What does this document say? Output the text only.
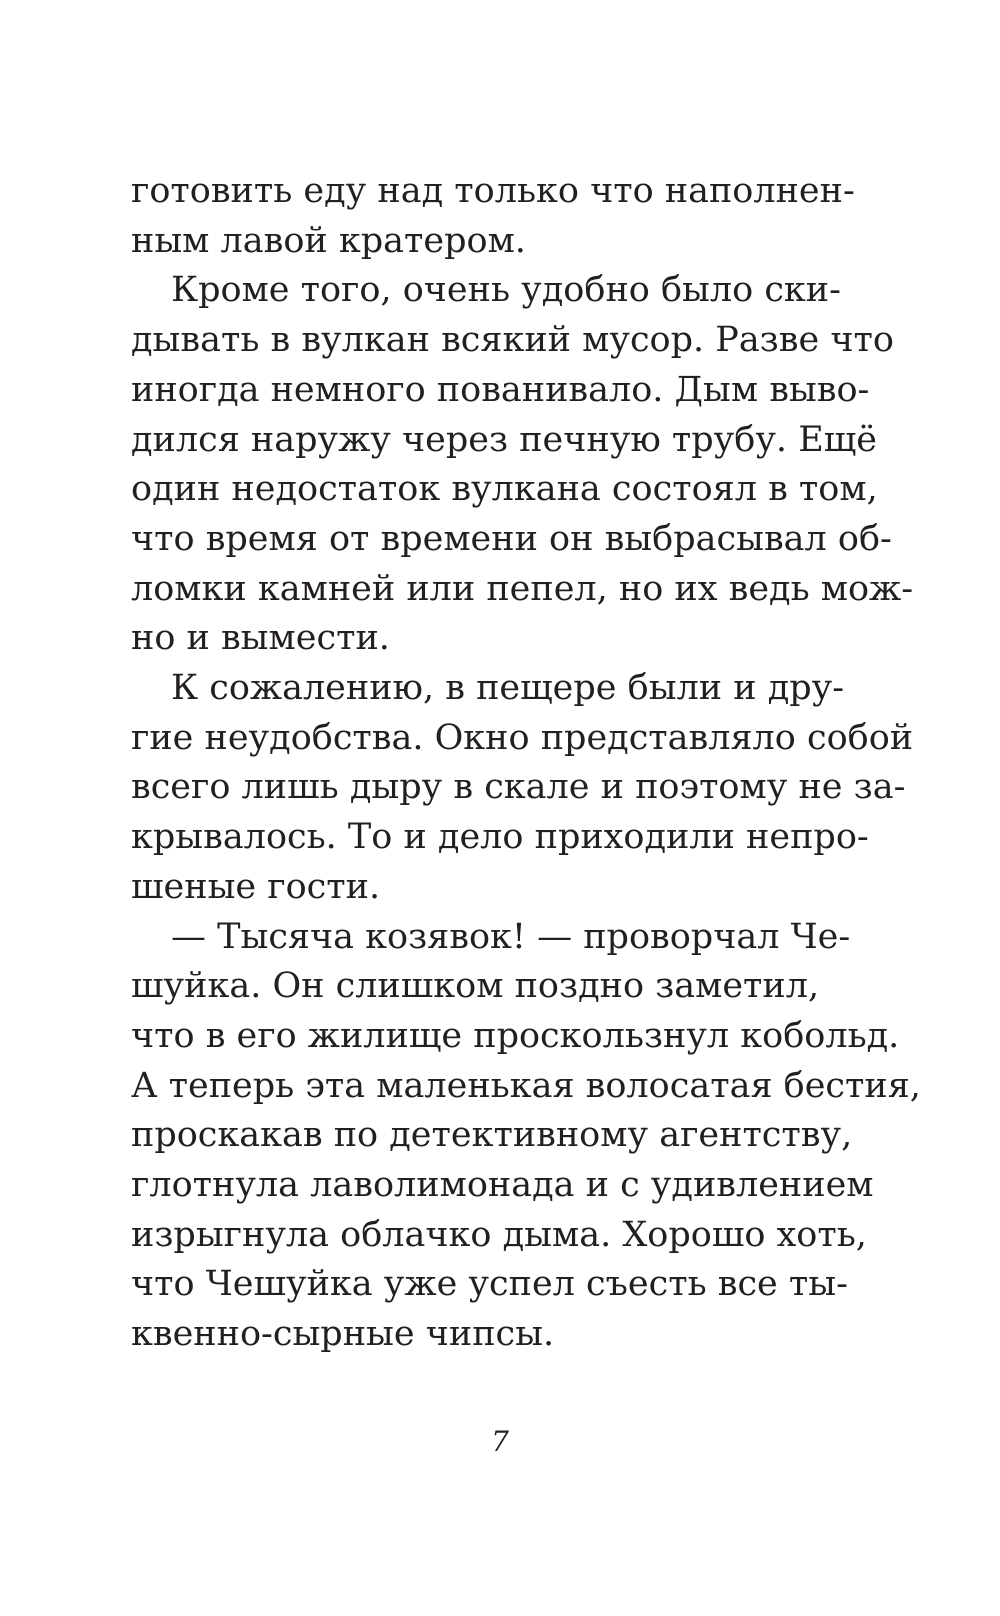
готовить еду над только что наполнен-
ным лавой кратером.
Кроме того, очень удобно было ски-
дывать в вулкан всякий мусор. Разве что
иногда немного пованивало. Дым выво-
дился наружу через печную трубу. Ещё
один недостаток вулкана состоял в том,
что время от времени он выбрасывал об-
ломки камней или пепел, но их ведь мож-
но и вымести.
К сожалению, в пещере были и дру-
гие неудобства. Окно представляло собой
всего лишь дыру в скале и поэтому не за-
крывалось. То и дело приходили непро-
шеные гости.
— Тысяча козявок! — проворчал Че-
шуйка. Он слишком поздно заметил,
что в его жилище проскользнул кобольд.
А теперь эта маленькая волосатая бестия,
проскакав по детективному агентству,
глотнула лаволимонада и с удивлением
изрыгнула облачко дыма. Хорошо хоть,
что Чешуйка уже успел съесть все ты-
квенно-сырные чипсы.
7
